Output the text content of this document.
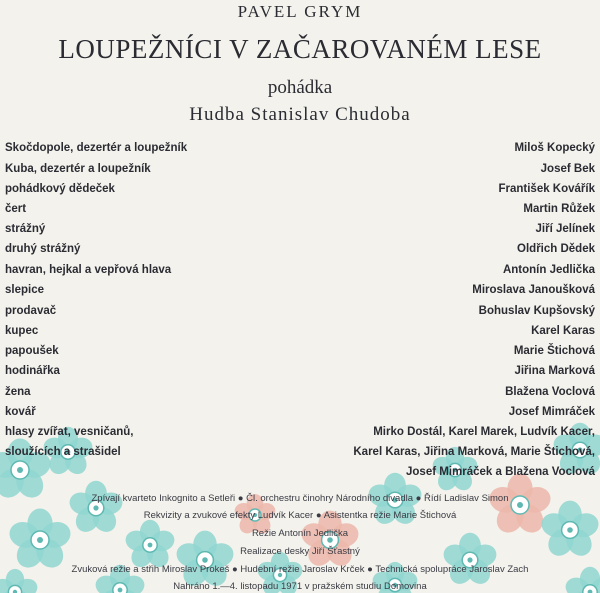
PAVEL GRYM
LOUPEŽNÍCI V ZAČAROVANÉM LESE
pohádka
Hudba Stanislav Chudoba
Skočdopole, dezertér a loupežník	Miloš Kopecký
Kuba, dezertér a loupežník	Josef Bek
pohádkový dědeček	František Kovářík
čert	Martin Růžek
strážný	Jiří Jelínek
druhý strážný	Oldřich Dědek
havran, hejkal a vepřová hlava	Antonín Jedlička
slepice	Miroslava Janoušková
prodavač	Bohuslav Kupšovský
kupec	Karel Karas
papoušek	Marie Štichová
hodinářka	Jiřina Marková
žena	Blažena Voclová
kovář	Josef Mimráček
hlasy zvířat, vesničanů,
sloužících a strašidel
Mirko Dostál, Karel Marek, Ludvík Kacer,
Karel Karas, Jiřina Marková, Marie Štichová,
Josef Mimráček a Blažena Voclová
Zpívají kvarteto Inkognito a Setleři ● Čl. orchestru činohry Národního divadla ● Řídí Ladislav Simon
Rekvizity a zvukové efekty Ludvík Kacer ● Asistentka režie Marie Štichová
Režie Antonín Jedlička
Realizace desky Jiří Šťastný
Zvuková režie a střih Miroslav Prokeš ● Hudební režie Jaroslav Krček ● Technická spolupráce Jaroslav Zach
Nahráno 1.—4. listopadu 1971 v pražském studiu Domovina
